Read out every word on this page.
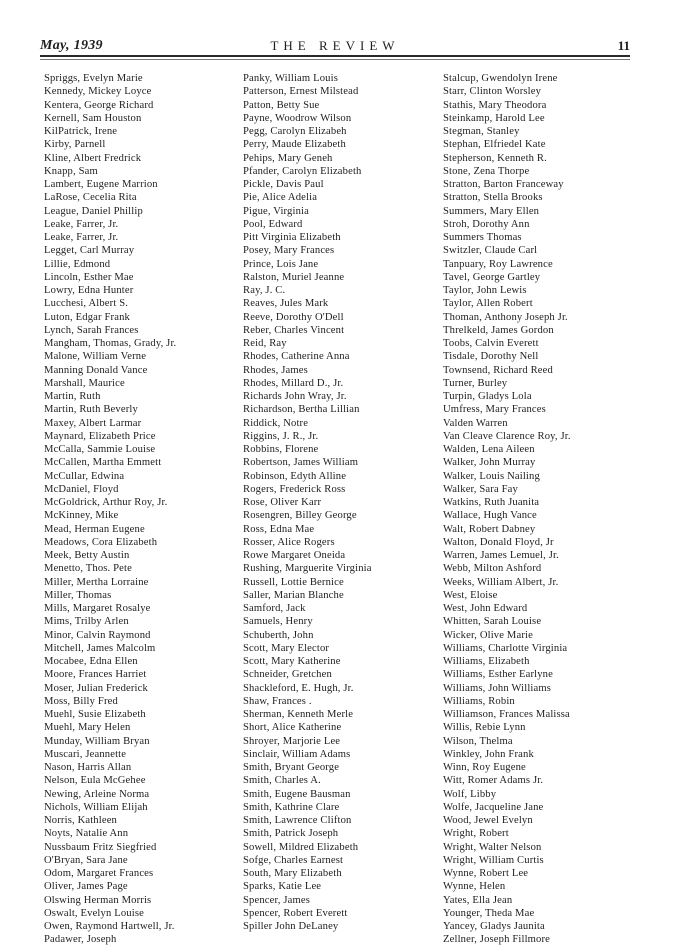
May, 1939	THE REVIEW	11
Spriggs, Evelyn Marie
Kennedy, Mickey Loyce
Kentera, George Richard
Kernell, Sam Houston
KilPatrick, Irene
Kirby, Parnell
Kline, Albert Fredrick
Knapp, Sam
Lambert, Eugene Marrion
LaRose, Cecelia Rita
League, Daniel Phillip
Leake, Farrer, Jr.
Leake, Farrer, Jr.
Legget, Carl Murray
Lillie, Edmond
Lincoln, Esther Mae
Lowry, Edna Hunter
Lucchesi, Albert S.
Luton, Edgar Frank
Lynch, Sarah Frances
Mangham, Thomas, Grady, Jr.
Malone, William Verne
Manning Donald Vance
Marshall, Maurice
Martin, Ruth
Martin, Ruth Beverly
Maxey, Albert Larmar
Maynard, Elizabeth Price
McCalla, Sammie Louise
McCallen, Martha Emmett
McCullar, Edwina
McDaniel, Floyd
McGoldrick, Arthur Roy, Jr.
McKinney, Mike
Mead, Herman Eugene
Meadows, Cora Elizabeth
Meek, Betty Austin
Menetto, Thos. Pete
Miller, Mertha Lorraine
Miller, Thomas
Mills, Margaret Rosalye
Mims, Trilby Arlen
Minor, Calvin Raymond
Mitchell, James Malcolm
Mocabee, Edna Ellen
Moore, Frances Harriet
Moser, Julian Frederick
Moss, Billy Fred
Muehl, Susie Elizabeth
Muehl, Mary Helen
Munday, William Bryan
Muscari, Jeannette
Nason, Harris Allan
Nelson, Eula McGehee
Newing, Arleine Norma
Nichols, William Elijah
Norris, Kathleen
Noyts, Natalie Ann
Nussbaum Fritz Siegfried
O'Bryan, Sara Jane
Odom, Margaret Frances
Oliver, James Page
Olswing Herman Morris
Oswalt, Evelyn Louise
Owen, Raymond Hartwell, Jr.
Padawer, Joseph
Panky, William Louis
Patterson, Ernest Milstead
Patton, Betty Sue
Payne, Woodrow Wilson
Pegg, Carolyn Elizabeh
Perry, Maude Elizabeth
Pehips, Mary Geneh
Pfander, Carolyn Elizabeth
Pickle, Davis Paul
Pie, Alice Adelia
Pigue, Virginia
Pool, Edward
Pitt Virginia Elizabeth
Posey, Mary Frances
Prince, Lois Jane
Ralston, Muriel Jeanne
Ray, J. C.
Reaves, Jules Mark
Reeve, Dorothy O'Dell
Reber, Charles Vincent
Reid, Ray
Rhodes, Catherine Anna
Rhodes, James
Rhodes, Millard D., Jr.
Richards John Wray, Jr.
Richardson, Bertha Lillian
Riddick, Notre
Riggins, J. R., Jr.
Robbins, Florene
Robertson, James William
Robinson, Edyth Alline
Rogers, Frederick Ross
Rose, Oliver Karr
Rosengren, Billey George
Ross, Edna Mae
Rosser, Alice Rogers
Rowe Margaret Oneida
Rushing, Marguerite Virginia
Russell, Lottie Bernice
Saller, Marian Blanche
Samford, Jack
Samuels, Henry
Schuberth, John
Scott, Mary Elector
Scott, Mary Katherine
Schneider, Gretchen
Shackleford, E. Hugh, Jr.
Shaw, Frances .
Sherman, Kenneth Merle
Short, Alice Katherine
Shroyer, Marjorie Lee
Sinclair, William Adams
Smith, Bryant George
Smith, Charles A.
Smith, Eugene Bausman
Smith, Kathrine Clare
Smith, Lawrence Clifton
Smith, Patrick Joseph
Sowell, Mildred Elizabeth
Sofge, Charles Earnest
South, Mary Elizabeth
Sparks, Katie Lee
Spencer, James
Spencer, Robert Everett
Spiller John DeLaney
Stalcup, Gwendolyn Irene
Starr, Clinton Worsley
Stathis, Mary Theodora
Steinkamp, Harold Lee
Stegman, Stanley
Stephan, Elfriedel Kate
Stepherson, Kenneth R.
Stone, Zena Thorpe
Stratton, Barton Franceway
Stratton, Stella Brooks
Summers, Mary Ellen
Stroh, Dorothy Ann
Summers Thomas
Switzler, Claude Carl
Tanpuary, Roy Lawrence
Tavel, George Gartley
Taylor, John Lewis
Taylor, Allen Robert
Thoman, Anthony Joseph Jr.
Threlkeld, James Gordon
Toobs, Calvin Everett
Tisdale, Dorothy Nell
Townsend, Richard Reed
Turner, Burley
Turpin, Gladys Lola
Umfress, Mary Frances
Valden Warren
Van Cleave Clarence Roy, Jr.
Walden, Lena Aileen
Walker, John Murray
Walker, Louis Nailing
Walker, Sara Fay
Watkins, Ruth Juanita
Wallace, Hugh Vance
Walt, Robert Dabney
Walton, Donald Floyd, Jr
Warren, James Lemuel, Jr.
Webb, Milton Ashford
Weeks, William Albert, Jr.
West, Eloise
West, John Edward
Whitten, Sarah Louise
Wicker, Olive Marie
Williams, Charlotte Virginia
Williams, Elizabeth
Williams, Esther Earlyne
Williams, John Williams
Williams, Robin
Williamson, Frances Malissa
Willis, Rebie Lynn
Wilson, Thelma
Winkley, John Frank
Winn, Roy Eugene
Witt, Romer Adams Jr.
Wolf, Libby
Wolfe, Jacqueline Jane
Wood, Jewel Evelyn
Wright, Robert
Wright, Walter Nelson
Wright, William Curtis
Wynne, Robert Lee
Wynne, Helen
Yates, Ella Jean
Younger, Theda Mae
Yancey, Gladys Jaunita
Zellner, Joseph Fillmore
